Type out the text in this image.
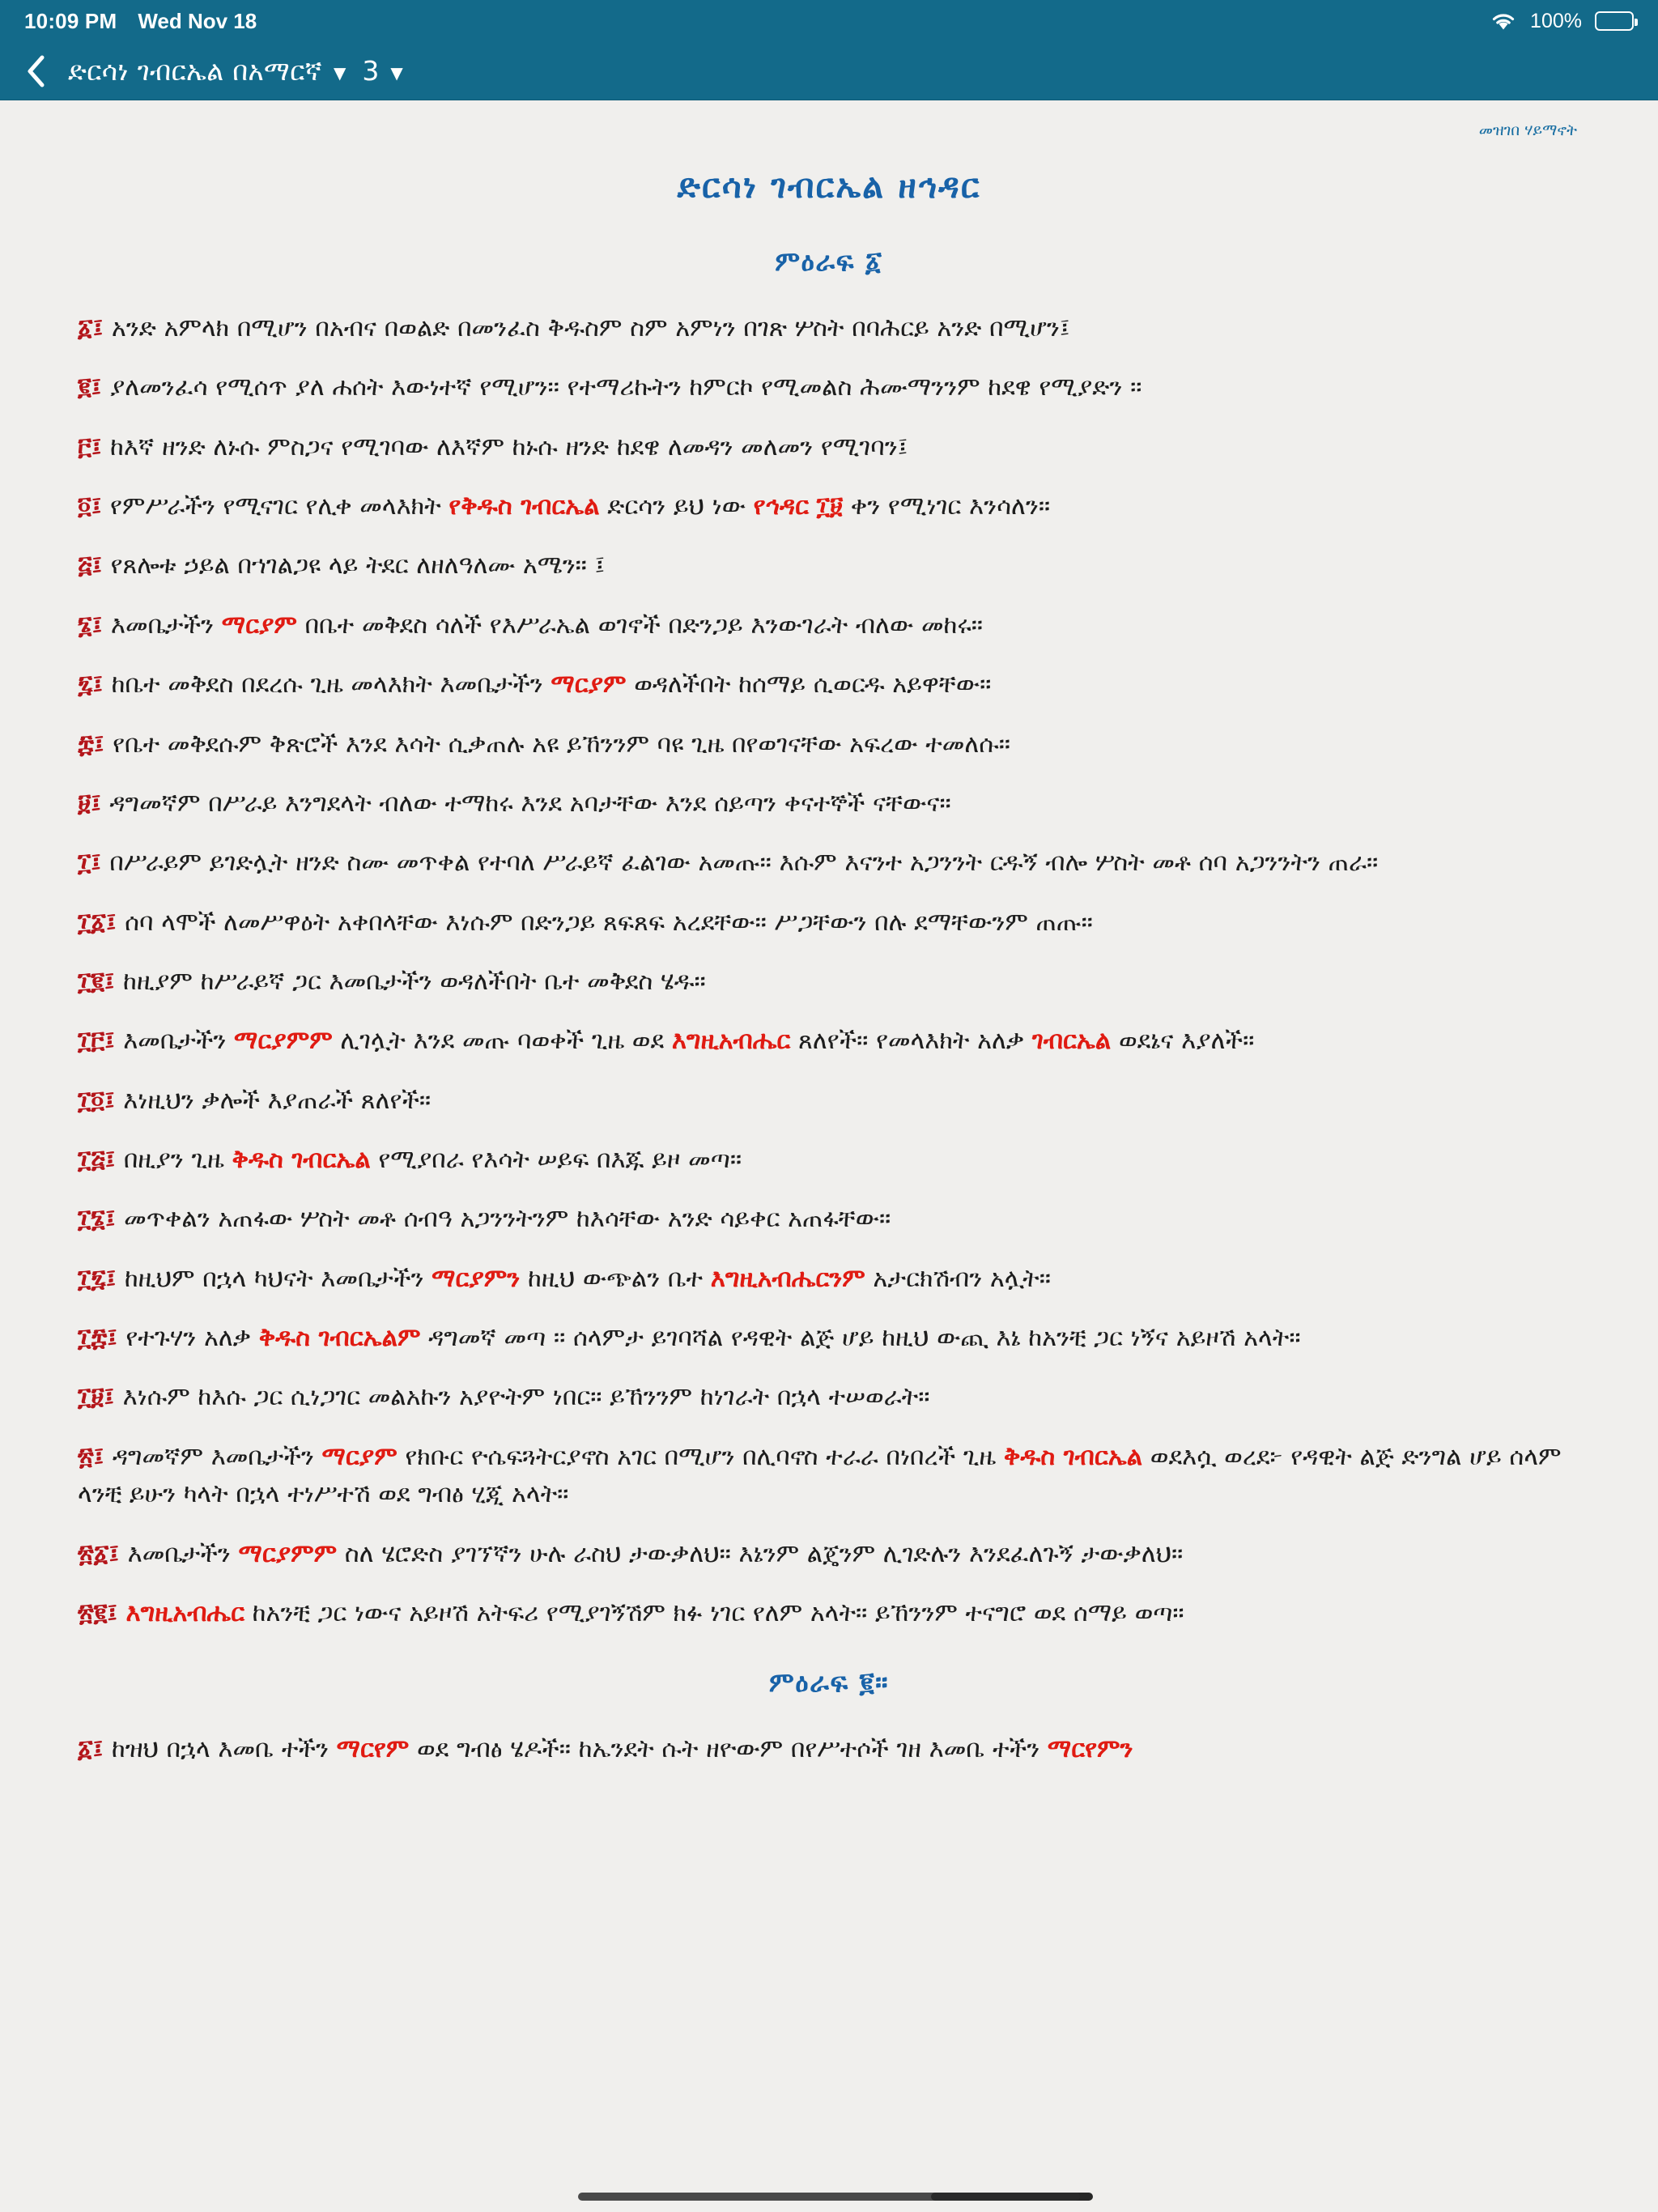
10:09 PM Wed Nov 18	100%
ድርሳነ ገብርኤል በአማርኛ ▼ 3 ▼
መዝገበ ሃይማኖት
ድርሳነ ገብርኤል ዘኅዳር
ምዕራፍ ፩
፩፤ አንድ አምላክ በሚሆን በአብና በወልድ በመንፈስ ቅዱስም ስም አምነን በገጽ ሦስት በባሕርይ አንድ በሚሆን፤
፪፤ ያለመንፈሳ የሚሰጥ ያለ ሐሰት እውነተኛ የሚሆን፡፡ የተማሪኩትን ከምርኮ የሚመልስ ሕሙማንንም ከደዌ የሚያድን ፡፡
፫፤ ከእኛ ዘንድ ለኑሱ ምስጋና የሚገባው ለእኛም ከኑሱ ዘንድ ከደዌ ለመዳን መለመን የሚገባን፤
፬፤ የምሥራችን የሚናገር የሊቀ መላእክት የቅዱስ ገብርኤል ድርሳን ይህ ነው የኅዳር ፲፱ ቀን የሚነገር እንሳለን።
፭፤ የጸሎቱ ኃይል በኀገልጋዩ ላይ ትደር ለዘለዓለሙ አሜን። ፤
፮፤ እመቤታችን ማርያም በቤተ መቅደስ ሳለች የእሥራኤል ወገኖች በድንጋይ እንውገራት ብለው መከሩ።
፯፤ ከቤተ መቅደስ በደረሱ ጊዜ መላእክት እመቤታችን ማርያም ወዳለችበት ከሰማይ ሲወርዱ አይዋቸው።
፰፤ የቤተ መቅደሱም ቅጽሮች እንደ እሳት ሲቃጠሉ አዩ ይኸንንም ባዩ ጊዜ በየወገናቸው አፍረው ተመለሱ።
፱፤ ዳግመኛም በሥራይ እንግደላት ብለው ተማከሩ እንደ አባታቸው እንደ ሰይጣን ቀናተኞች ናቸውና።
፲፤ በሥራይም ይገድሏት ዘንድ ስሙ መጥቀል የተባለ ሥራይኛ ፈልገው አመጡ። እሱም እናንተ አጋንንት ርዱኝ ብሎ ሦስት መቶ ሰባ አጋንንትን ጠራ።
፲፩፤ ሰባ ላሞች ለመሥዋዕት አቀበላቸው እነሱም በድንጋይ ጸፍጸፍ አረደቸው። ሥጋቸውን በሉ ደማቸውንም ጠጡ።
፲፪፤ ከዚያም ከሥራይኛ ጋር እመቤታችን ወዳለችበት ቤተ መቅደስ ሄዱ።
፲፫፤ እመቤታችን ማርያምም ሊገሏት እንደ መጡ ባወቀች ጊዜ ወደ እግዚአብሔር ጸለየች። የመላእክት አለቃ ገብርኤል ወደኔና እያለች።
፲፬፤ እነዚህን ቃሎች እያጠራች ጸለየች።
፲፭፤ በዚያን ጊዜ ቅዱስ ገብርኤል የሚያበራ የእሳት ሠይፍ በእጁ ይዞ መጣ።
፲፮፤ መጥቀልን አጠፋው ሦስት መቶ ሰብዓ አጋንንትንም ከእሳቸው አንድ ሳይቀር አጠፋቸው።
፲፯፤ ከዚህም በኋላ ካህናት እመቤታችን ማርያምን ከዚህ ውጭልን ቤተ እግዚአብሔርንም አታርክሽብን አሏት።
፲፰፤ የተጉሃን አለቃ ቅዱስ ገብርኤልም ዳግመኛ መጣ ፡፡ ሰላምታ ይገባሻል የዳዊት ልጅ ሆይ ከዚህ ውጪ እኔ ከአንቺ ጋር ነኝና አይዞሽ አላት።
፲፱፤ እነሱም ከእሱ ጋር ሲነጋገር መልአኩን አያዮትም ነበር። ይኸንንም ከነገራት በኋላ ተሠወራት።
፳፤ ዳግመኛም እመቤታችን ማርያም የክቡር ዮሴፍጓትርያኖስ አገር በሚሆን በሊባኖስ ተራራ በነበረች ጊዜ ቅዱስ ገብርኤል ወደእሷ ወረደ፦ የዳዊት ልጅ ድንግል ሆይ ሰላም ላንቺ ይሁን ካላት በኋላ ተነሥተሽ ወደ ግብፅ ሂጂ አላት።
፳፩፤ እመቤታችን ማርያምም ስለ ሄሮድስ ያገኘኛን ሁሉ ራስህ ታውቃለህ። እኔንም ልጄንም ሊገድሉን እንደፈለጉኝ ታውቃለህ።
፳፪፤ እግዚአብሔር ከአንቺ ጋር ነውና አይዞሽ አትፍሪ የሚያገኝሽም ክፉ ነገር የለም አላት። ይኸንንም ተናግሮ ወደ ሰማይ ወጣ።
ምዕራፍ ፪።
፩፤ ከዝህ በኋላ እመቤ ተችን ማርየም ወደ ግብፅ ሄዶች። ከኤንደት ሱት ዘዮውም በየሥተሶች ገዘ እመቤ ተችን ማርየምን
